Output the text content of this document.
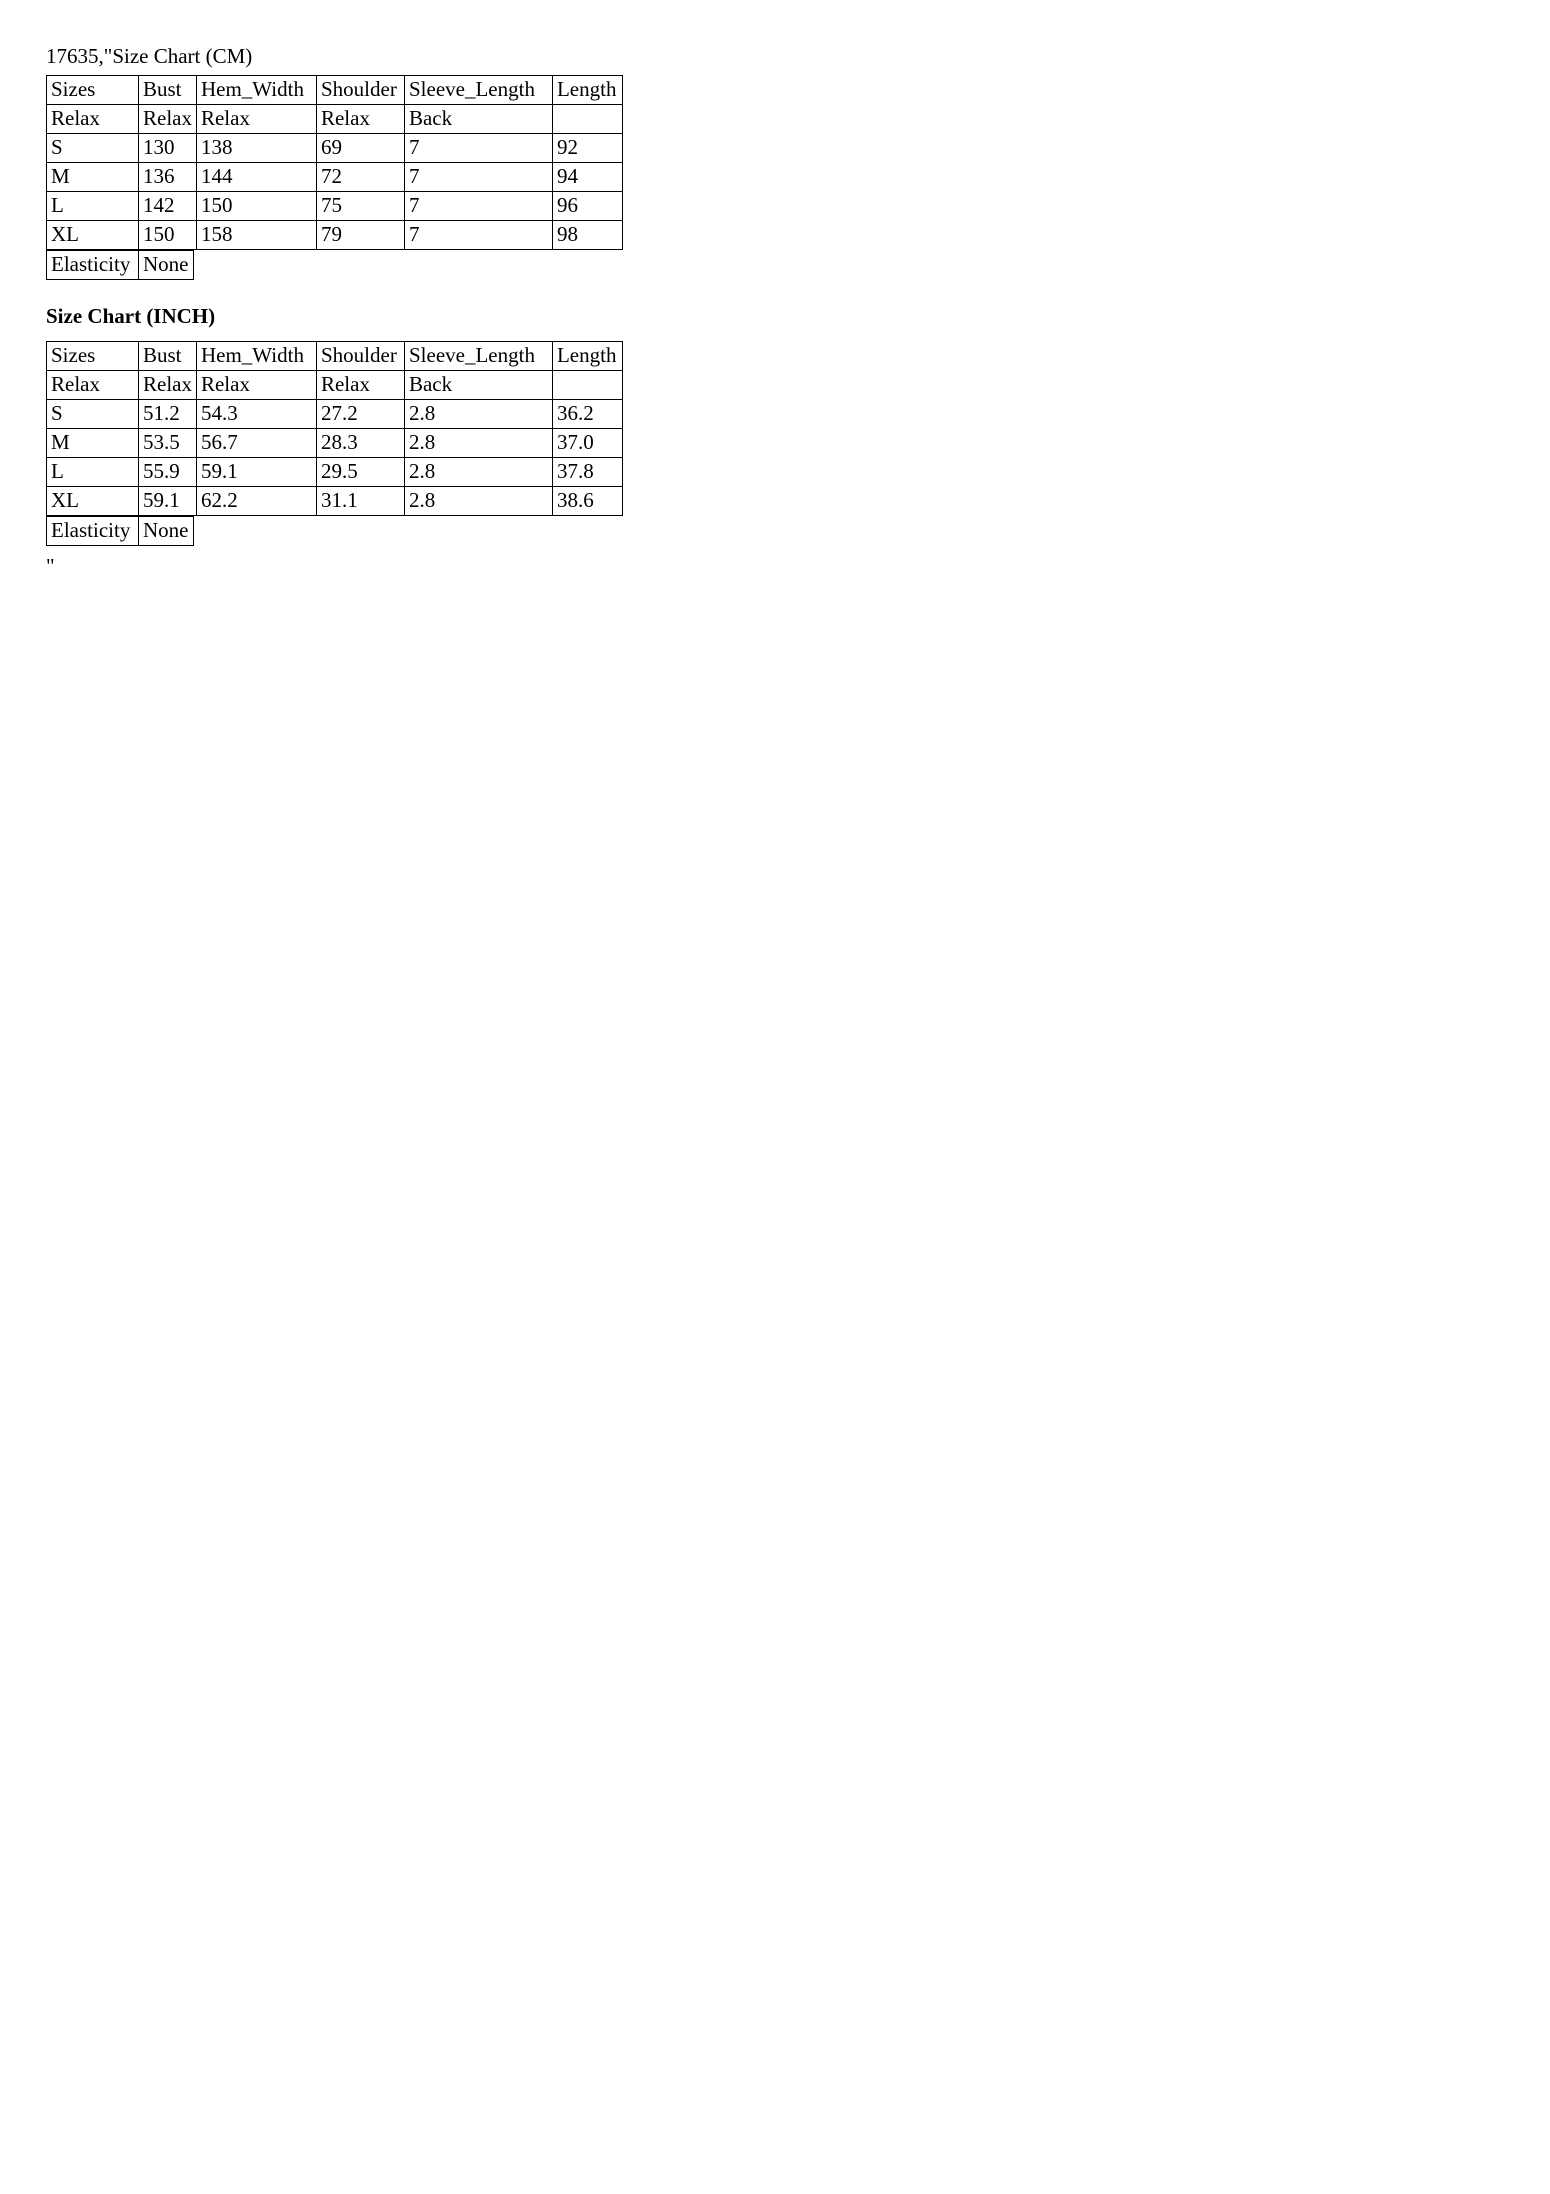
17635,"Size Chart (CM)
Sizes	Bust	Hem_Width	Shoulder	Sleeve_Length	Length
Relax	Relax	Relax	Relax	Back	
S	130	138	69	7	92
M	136	144	72	7	94
L	142	150	75	7	96
XL	150	158	79	7	98
Elasticity	None
Size Chart (INCH)
Sizes	Bust	Hem_Width	Shoulder	Sleeve_Length	Length
Relax	Relax	Relax	Relax	Back	
S	51.2	54.3	27.2	2.8	36.2
M	53.5	56.7	28.3	2.8	37.0
L	55.9	59.1	29.5	2.8	37.8
XL	59.1	62.2	31.1	2.8	38.6
Elasticity	None
"
